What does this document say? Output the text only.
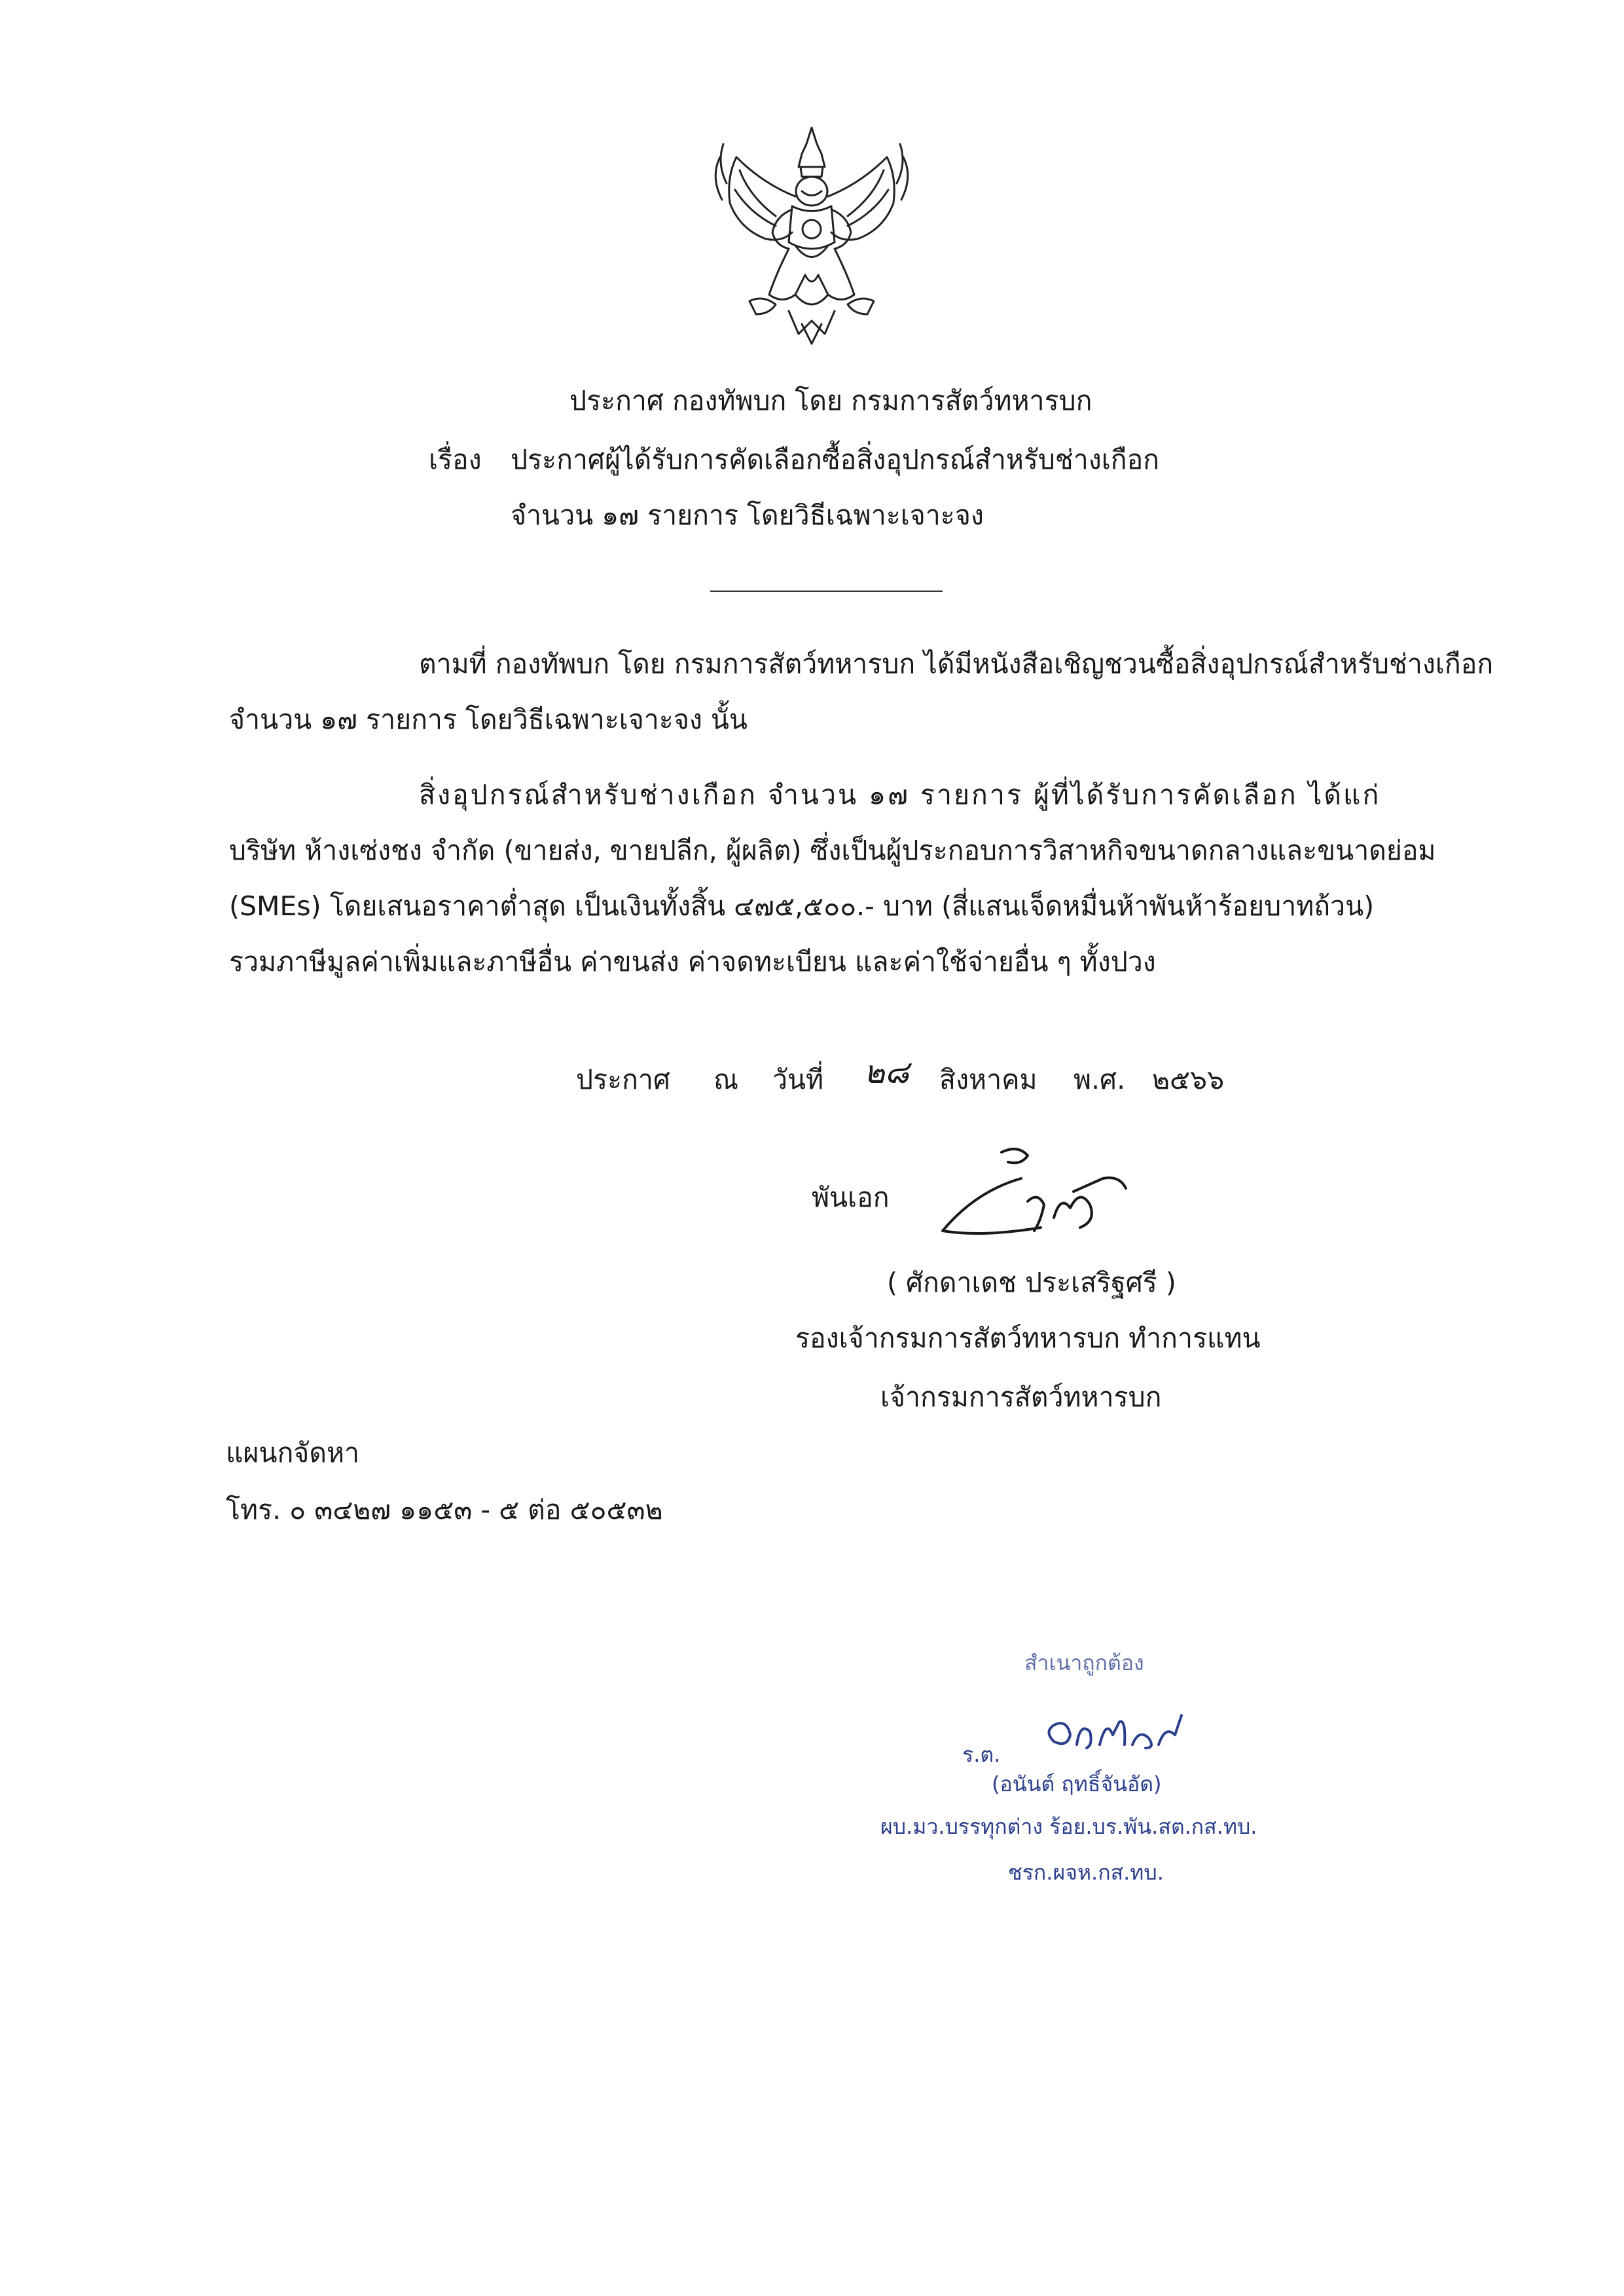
ประกาศ กองทัพบก โดย กรมการสัตว์ทหารบก
เรื่อง ประกาศผู้ได้รับการคัดเลือกซื้อสิ่งอุปกรณ์สำหรับช่างเกือก
จำนวน ๑๗ รายการ โดยวิธีเฉพาะเจาะจง
ตามที่ กองทัพบก โดย กรมการสัตว์ทหารบก ได้มีหนังสือเชิญชวนซื้อสิ่งอุปกรณ์สำหรับช่างเกือก
จำนวน ๑๗ รายการ โดยวิธีเฉพาะเจาะจง นั้น
สิ่งอุปกรณ์สำหรับช่างเกือก จำนวน ๑๗ รายการ ผู้ที่ได้รับการคัดเลือก ได้แก่
บริษัท ห้างเซ่งชง จำกัด (ขายส่ง, ขายปลีก, ผู้ผลิต) ซึ่งเป็นผู้ประกอบการวิสาหกิจขนาดกลางและขนาดย่อม
(SMEs) โดยเสนอราคาต่ำสุด เป็นเงินทั้งสิ้น ๔๗๕,๕๐๐.- บาท (สี่แสนเจ็ดหมื่นห้าพันห้าร้อยบาทถ้วน)
รวมภาษีมูลค่าเพิ่มและภาษีอื่น ค่าขนส่ง ค่าจดทะเบียน และค่าใช้จ่ายอื่น ๆ ทั้งปวง
ประกาศ ณ วันที่ ๒๘ สิงหาคม พ.ศ. ๒๕๖๖
พันเอก
( ศักดาเดช ประเสริฐศรี )
รองเจ้ากรมการสัตว์ทหารบก ทำการแทน
เจ้ากรมการสัตว์ทหารบก
แผนกจัดหา
โทร. ๐ ๓๔๒๗ ๑๑๕๓ - ๕ ต่อ ๕๐๕๓๒
สำเนาถูกต้อง
ร.ต.
(อนันต์ ฤทธิ์จันอัด)
ผบ.มว.บรรทุกต่าง ร้อย.บร.พัน.สต.กส.ทบ.
ชรก.ผจห.กส.ทบ.
